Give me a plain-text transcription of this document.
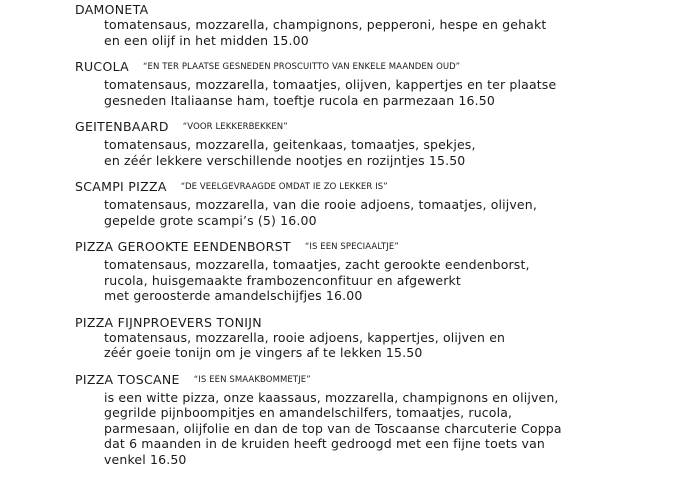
DAMONETA
tomatensaus, mozzarella, champignons, pepperoni, hespe en gehakt
en een olijf in het midden 15.00
RUCOLA “EN TER PLAATSE GESNEDEN PROSCUITTO VAN ENKELE MAANDEN OUD”
tomatensaus, mozzarella, tomaatjes, olijven, kappertjes en ter plaatse
gesneden Italiaanse ham, toeftje rucola en parmezaan 16.50
GEITENBAARD “VOOR LEKKERBEKKEN”
tomatensaus, mozzarella, geitenkaas, tomaatjes, spekjes,
en zéér lekkere verschillende nootjes en rozijntjes 15.50
SCAMPI PIZZA “DE VEELGEVRAAGDE OMDAT IE ZO LEKKER IS”
tomatensaus, mozzarella, van die rooie adjoens, tomaatjes, olijven,
gepelde grote scampi’s (5) 16.00
PIZZA GEROOKTE EENDENBORST “IS EEN SPECIAALTJE”
tomatensaus, mozzarella, tomaatjes, zacht gerookte eendenborst,
rucola, huisgemaakte frambozenconfituur en afgewerkt
met geroosterde amandelschijfjes 16.00
PIZZA FIJNPROEVERS TONIJN
tomatensaus, mozzarella, rooie adjoens, kappertjes, olijven en
zéér goeie tonijn om je vingers af te lekken 15.50
PIZZA TOSCANE “IS EEN SMAAKBOMMETJE”
is een witte pizza, onze kaassaus, mozzarella, champignons en olijven,
gegrilde pijnboompitjes en amandelschilfers, tomaatjes, rucola,
parmesaan, olijfolie en dan de top van de Toscaanse charcuterie Coppa
dat 6 maanden in de kruiden heeft gedroogd met een fijne toets van
venkel 16.50
